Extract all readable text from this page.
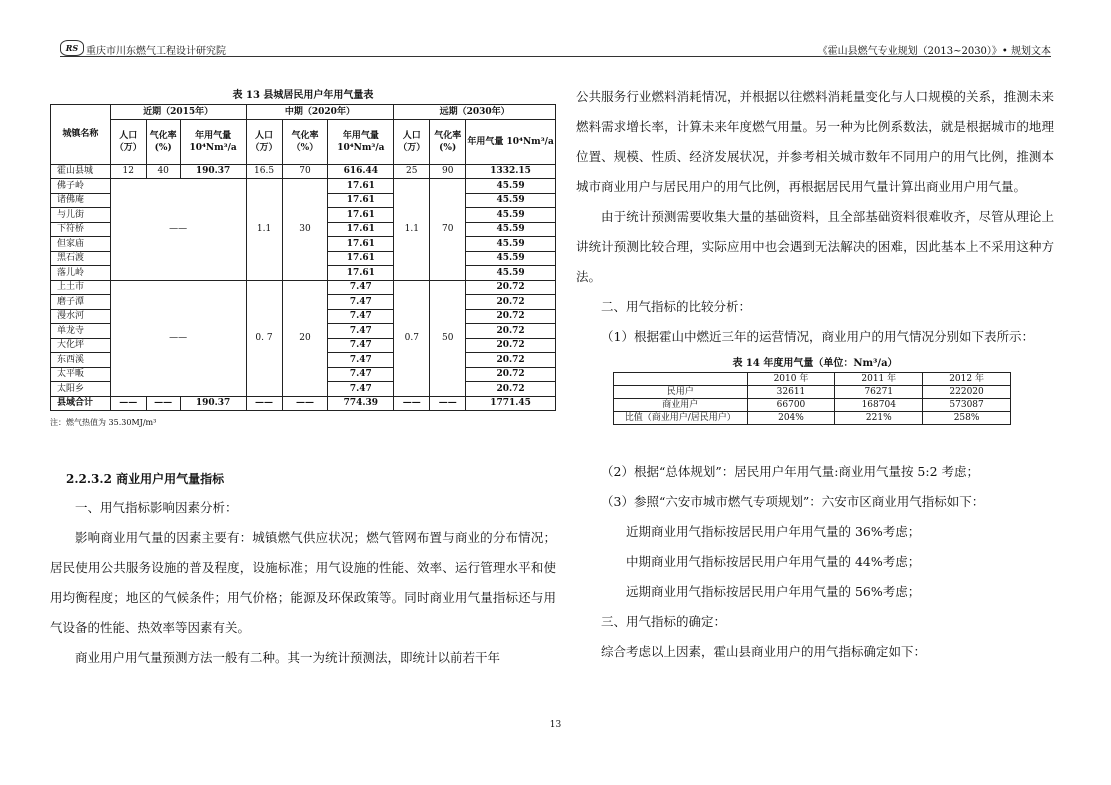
RS 重庆市川东燃气工程设计研究院	《霍山县燃气专业规划（2013~2030）》• 规划文本
表 13 县城居民用户年用气量表
城镇名称	近期（2015年）			中期（2020年）			远期（2030年）		
	人口（万）	气化率(%)	年用气量 10⁴Nm³/a	人口（万）	气化率（%）	年用气量 10⁴Nm³/a	人口（万）	气化率(%)	年用气量 10⁴Nm³/a
霍山县城	12	40	190.37	16.5	70	616.44	25	90	1332.15
佛子岭	——			1.1	30	17.61	1.1	70	45.59
诸佛庵						17.61			45.59
与儿街						17.61			45.59
下符桥						17.61			45.59
但家庙						17.61			45.59
黑石渡						17.61			45.59
落儿岭						17.61			45.59
上土市	——			0. 7	20	7.47	0.7	50	20.72
磨子潭						7.47			20.72
漫水河						7.47			20.72
单龙寺						7.47			20.72
大化坪						7.47			20.72
东西溪						7.47			20.72
太平畈						7.47			20.72
太阳乡						7.47			20.72
县域合计	——	——	190.37	——	——	774.39	——	——	1771.45
注：燃气热值为 35.30MJ/m³
2.2.3.2 商业用户用气量指标

一、用气指标影响因素分析：

影响商业用气量的因素主要有：城镇燃气供应状况；燃气管网布置与商业的分布情况；居民使用公共服务设施的普及程度，设施标准；用气设施的性能、效率、运行管理水平和使用均衡程度；地区的气候条件；用气价格；能源及环保政策等。同时商业用气量指标还与用气设备的性能、热效率等因素有关。

商业用户用气量预测方法一般有二种。其一为统计预测法，即统计以前若干年

公共服务行业燃料消耗情况，并根据以往燃料消耗量变化与人口规模的关系，推测未来燃料需求增长率，计算未来年度燃气用量。另一种为比例系数法，就是根据城市的地理位置、规模、性质、经济发展状况，并参考相关城市数年不同用户的用气比例，推测本城市商业用户与居民用户的用气比例，再根据居民用气量计算出商业用户用气量。

由于统计预测需要收集大量的基础资料，且全部基础资料很难收齐，尽管从理论上讲统计预测比较合理，实际应用中也会遇到无法解决的困难，因此基本上不采用这种方法。

二、用气指标的比较分析：

（1）根据霍山中燃近三年的运营情况，商业用户的用气情况分别如下表所示：

表 14 年度用气量（单位：Nm³/a）
	2010 年	2011 年	2012 年
民用户	32611	76271	222020
商业用户	66700	168704	573087
比值（商业用户/居民用户）	204%	221%	258%

（2）根据“总体规划”：居民用户年用气量:商业用气量按 5:2 考虑；

（3）参照“六安市城市燃气专项规划”：六安市区商业用气指标如下：

近期商业用气指标按居民用户年用气量的 36%考虑；

中期商业用气指标按居民用户年用气量的 44%考虑；

远期商业用气指标按居民用户年用气量的 56%考虑；

三、用气指标的确定：

综合考虑以上因素，霍山县商业用户的用气指标确定如下：

13
